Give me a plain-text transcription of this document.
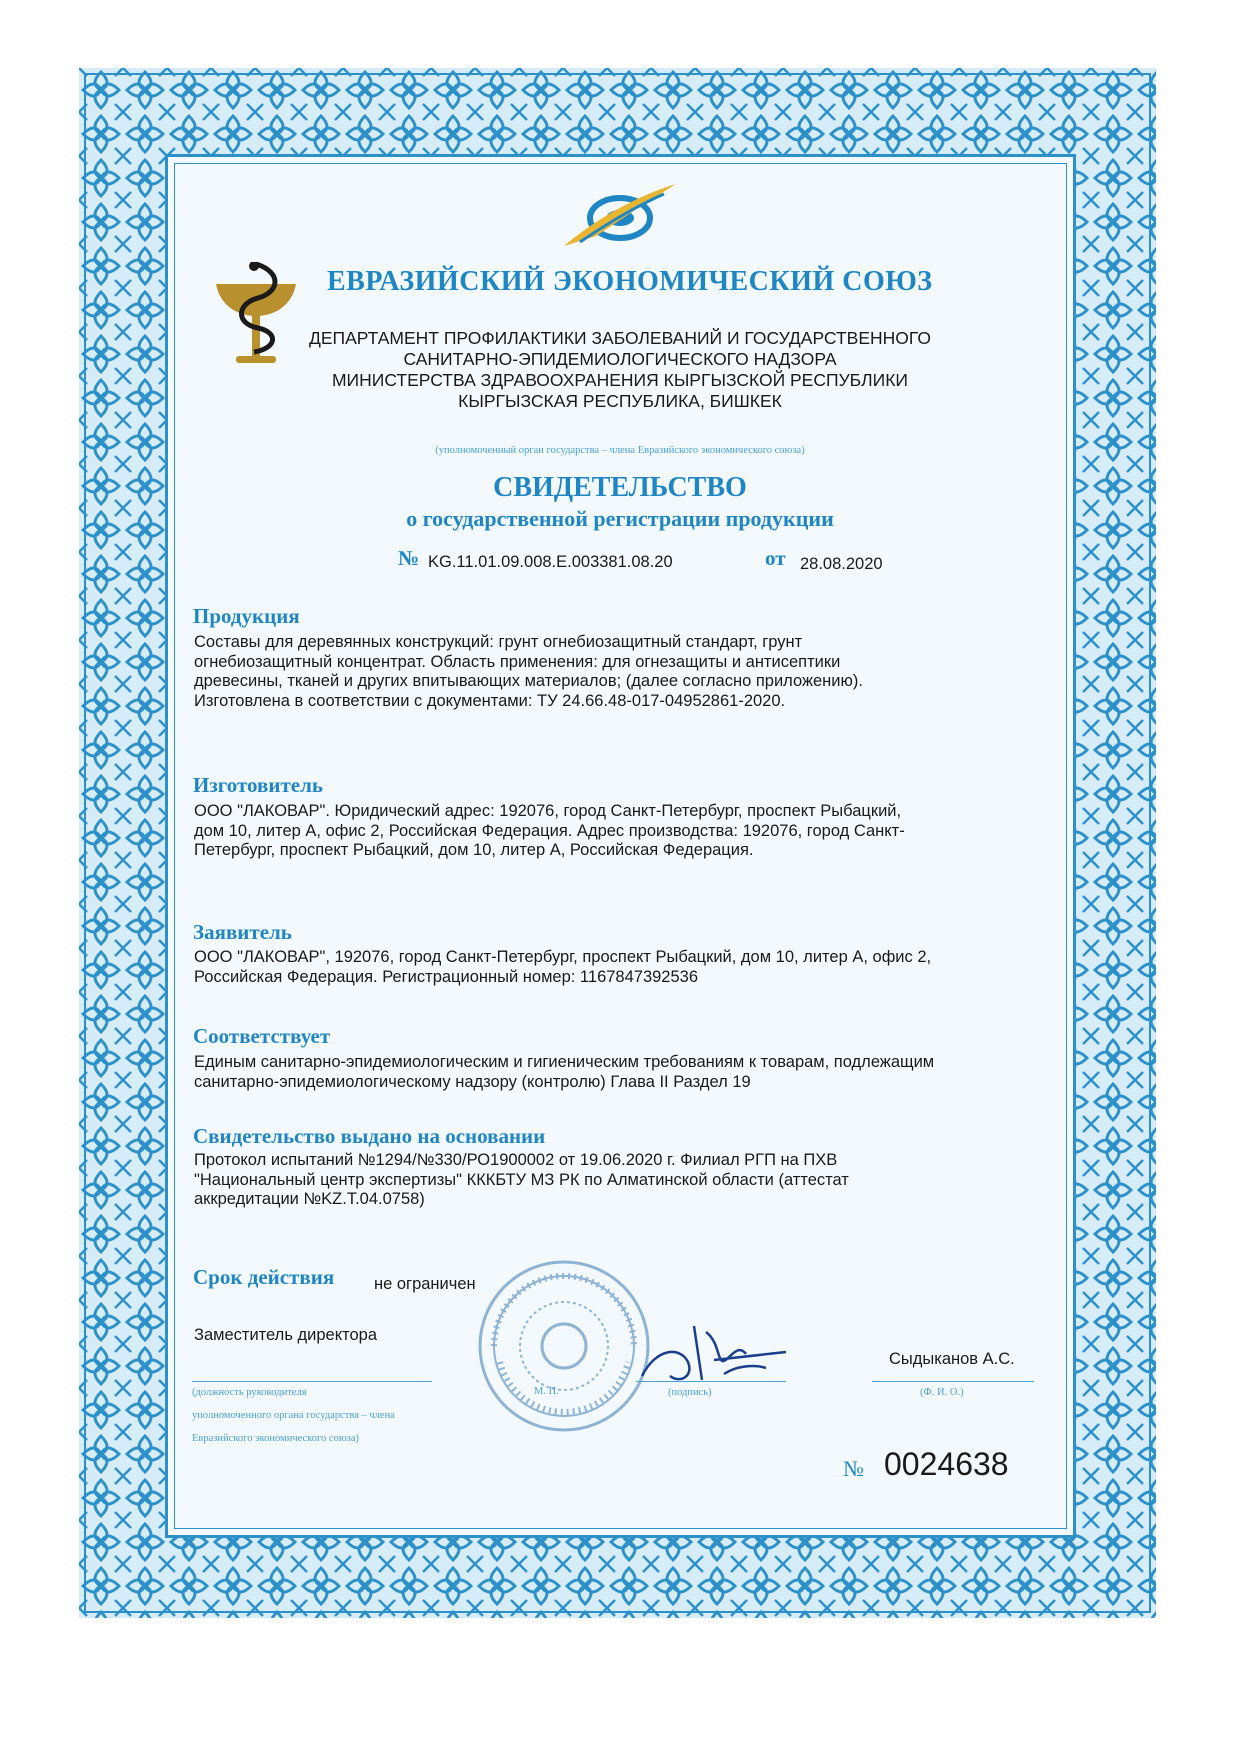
ЕВРАЗИЙСКИЙ ЭКОНОМИЧЕСКИЙ СОЮЗ
ДЕПАРТАМЕНТ ПРОФИЛАКТИКИ ЗАБОЛЕВАНИЙ И ГОСУДАРСТВЕННОГО
САНИТАРНО-ЭПИДЕМИОЛОГИЧЕСКОГО НАДЗОРА
МИНИСТЕРСТВА ЗДРАВООХРАНЕНИЯ КЫРГЫЗСКОЙ РЕСПУБЛИКИ
КЫРГЫЗСКАЯ РЕСПУБЛИКА, БИШКЕК
(уполномоченный орган государства – члена Евразийского экономического союза)
СВИДЕТЕЛЬСТВО
о государственной регистрации продукции
№ KG.11.01.09.008.E.003381.08.20	от 28.08.2020
Продукция
Составы для деревянных конструкций: грунт огнебиозащитный стандарт, грунт
огнебиозащитный концентрат. Область применения: для огнезащиты и антисептики
древесины, тканей и других впитывающих материалов; (далее согласно приложению).
Изготовлена в соответствии с документами: ТУ 24.66.48-017-04952861-2020.
Изготовитель
ООО "ЛАКОВАР". Юридический адрес: 192076, город Санкт-Петербург, проспект Рыбацкий,
дом 10, литер А, офис 2, Российская Федерация. Адрес производства: 192076, город Санкт-
Петербург, проспект Рыбацкий, дом 10, литер А, Российская Федерация.
Заявитель
ООО "ЛАКОВАР", 192076, город Санкт-Петербург, проспект Рыбацкий, дом 10, литер А, офис 2,
Российская Федерация. Регистрационный номер: 1167847392536
Соответствует
Единым санитарно-эпидемиологическим и гигиеническим требованиям к товарам, подлежащим
санитарно-эпидемиологическому надзору (контролю) Глава II Раздел 19
Свидетельство выдано на основании
Протокол испытаний №1294/№330/РО1900002 от 19.06.2020 г. Филиал РГП на ПХВ
"Национальный центр экспертизы" КККБТУ МЗ РК по Алматинской области (аттестат
аккредитации №KZ.T.04.0758)
Срок действия не ограничен
Заместитель директора
(должность руководителя
уполномоченного органа государства – члена
Евразийского экономического союза)
М. П.	(подпись)
Сыдыканов А.С.
(Ф. И. О.)
№ 0024638
